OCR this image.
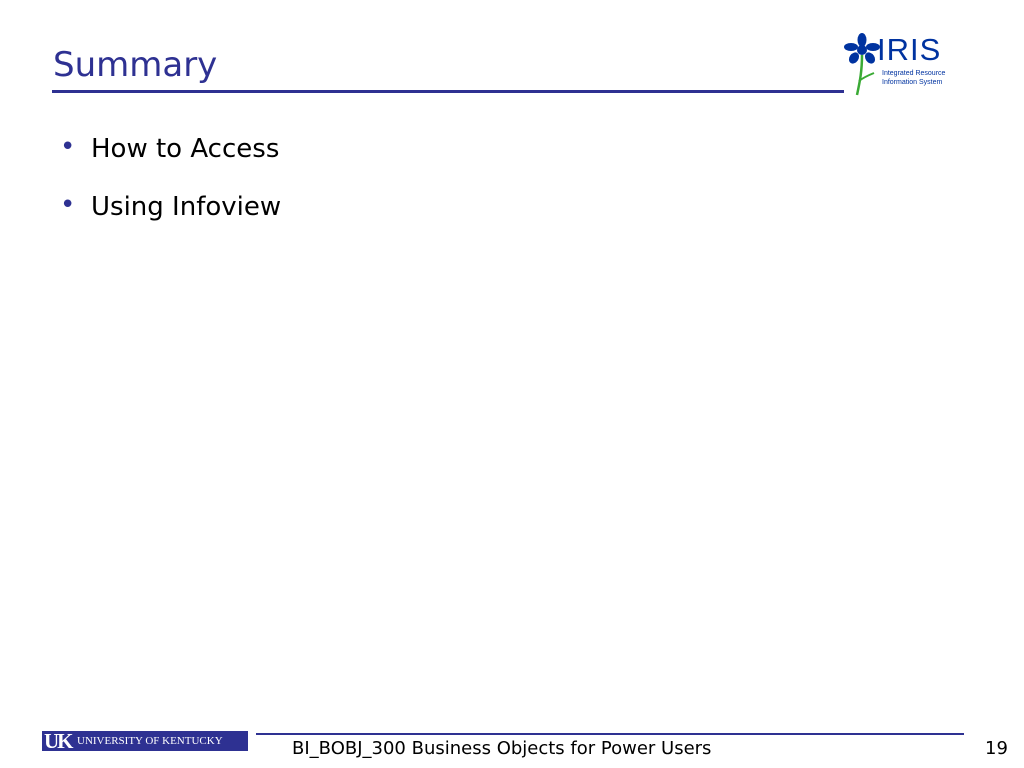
Summary	IRIS
Integrated Resource Information System
• How to Access
• Using Infoview
UK UNIVERSITY OF KENTUCKY	BI_BOBJ_300 Business Objects for Power Users	19
